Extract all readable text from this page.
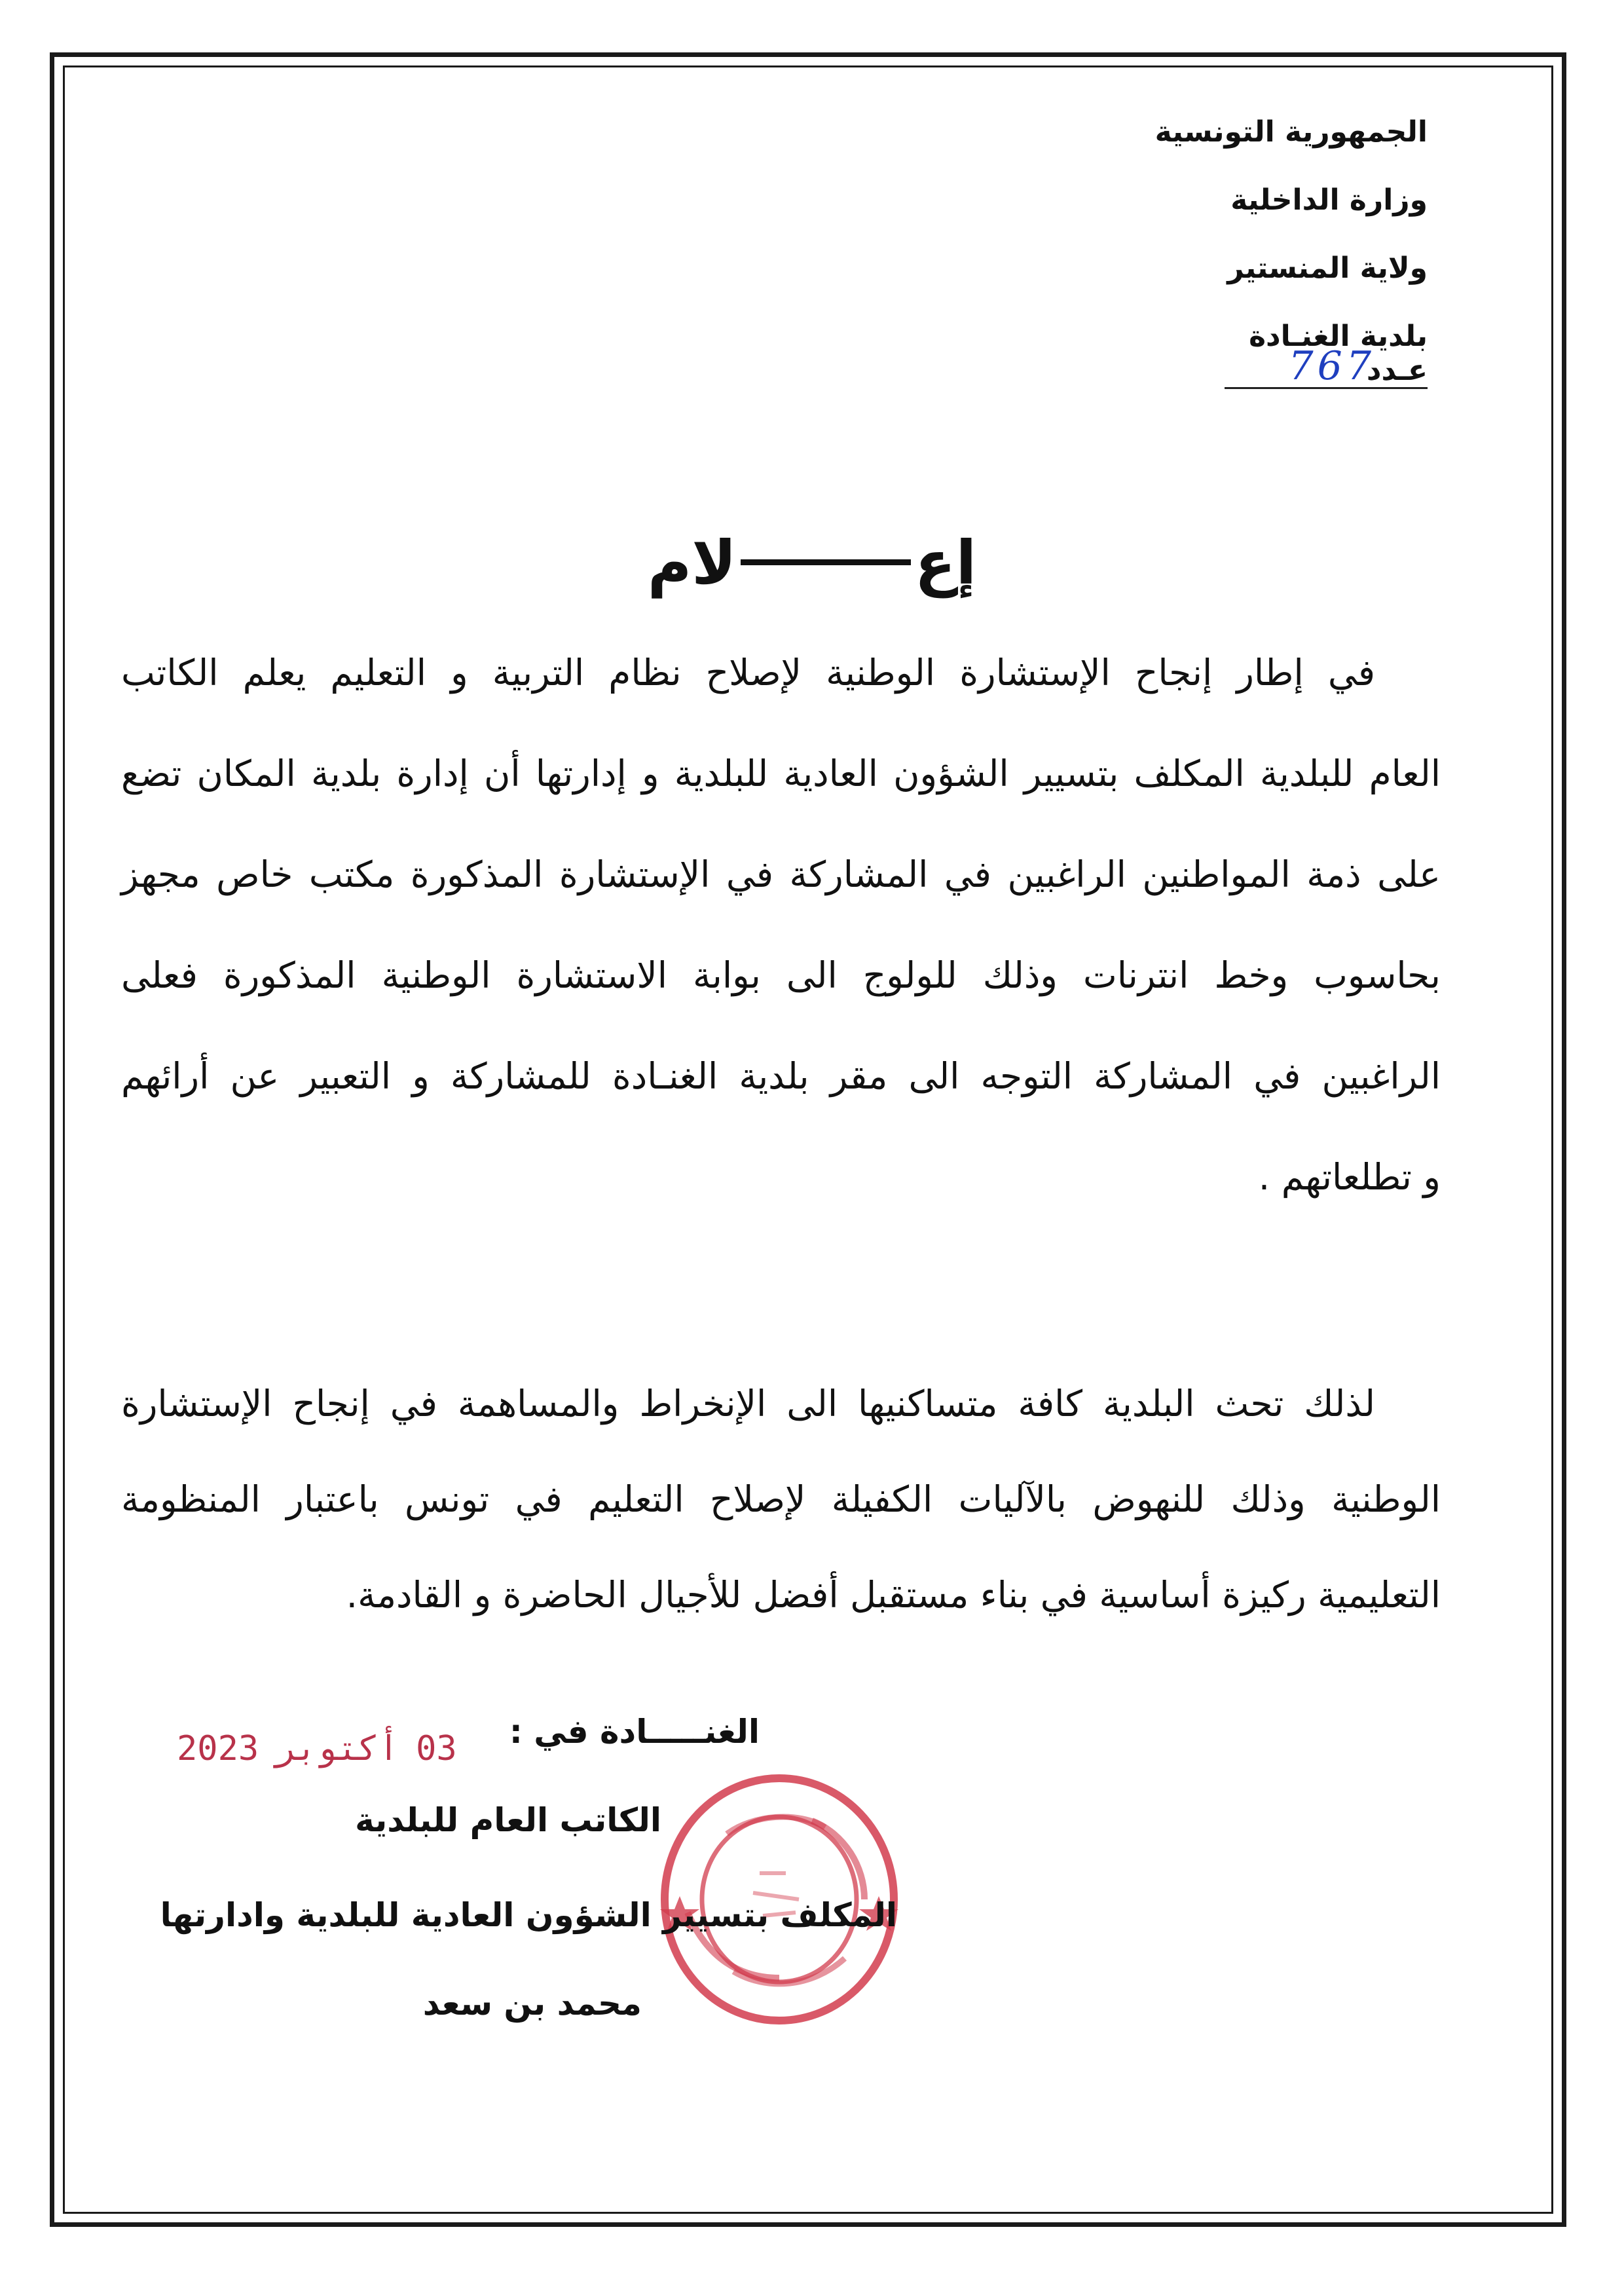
الجمهورية التونسية
وزارة الداخلية
ولاية المنستير
بلدية الغنـادة
عـدد
767
إعلام
في إطار إنجاح الإستشارة الوطنية لإصلاح نظام التربية و التعليم يعلم الكاتب
العام للبلدية المكلف بتسيير الشؤون العادية للبلدية و إدارتها أن إدارة بلدية المكان تضع
على ذمة المواطنين الراغبين في المشاركة في الإستشارة المذكورة مكتب خاص مجهز
بحاسوب وخط انترنات وذلك للولوج الى بوابة الاستشارة الوطنية المذكورة فعلى
الراغبين في المشاركة التوجه الى مقر بلدية الغنـادة للمشاركة و التعبير عن أرائهم
و تطلعاتهم .
لذلك تحث البلدية كافة متساكنيها الى الإنخراط والمساهمة في إنجاح الإستشارة
الوطنية وذلك للنهوض بالآليات الكفيلة لإصلاح التعليم في تونس باعتبار المنظومة
التعليمية ركيزة أساسية في بناء مستقبل أفضل للأجيال الحاضرة و القادمة.
2023 أكتوبر 03	الغنـــــادة في :
الكاتب العام للبلدية
المكلف بتسيير الشؤون العادية للبلدية وادارتها
محمد بن سعد
